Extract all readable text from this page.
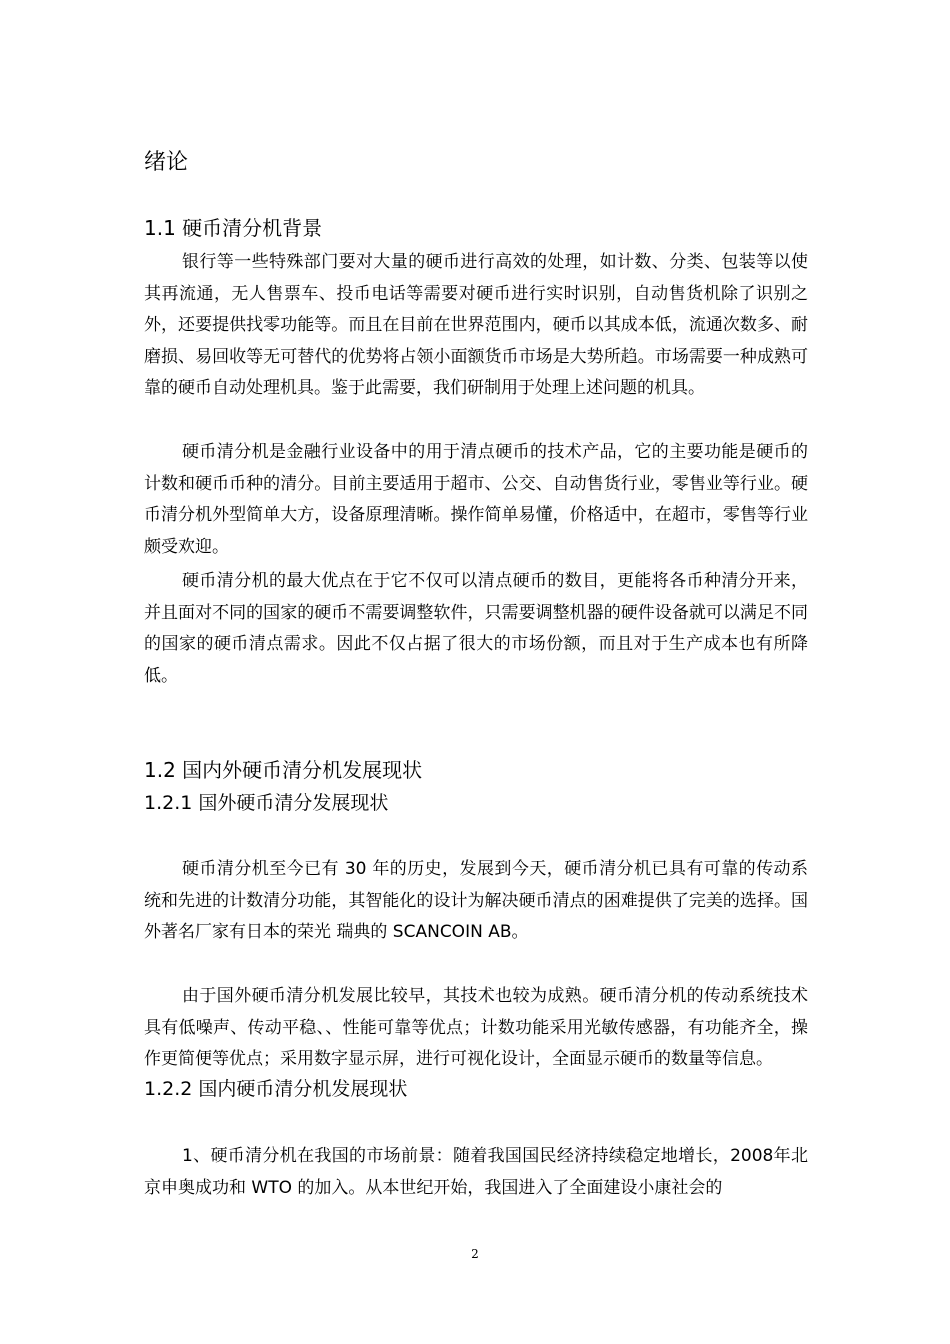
绪论
1.1 硬币清分机背景

银行等一些特殊部门要对大量的硬币进行高效的处理，如计数、分类、包装等以使其再流通，无人售票车、投币电话等需要对硬币进行实时识别，自动售货机除了识别之外，还要提供找零功能等。而且在目前在世界范围内，硬币以其成本低，流通次数多、耐磨损、易回收等无可替代的优势将占领小面额货币市场是大势所趋。市场需要一种成熟可靠的硬币自动处理机具。鉴于此需要，我们研制用于处理上述问题的机具。

硬币清分机是金融行业设备中的用于清点硬币的技术产品，它的主要功能是硬币的计数和硬币币种的清分。目前主要适用于超市、公交、自动售货行业，零售业等行业。硬币清分机外型简单大方，设备原理清晰。操作简单易懂，价格适中，在超市，零售等行业颇受欢迎。

硬币清分机的最大优点在于它不仅可以清点硬币的数目，更能将各币种清分开来，并且面对不同的国家的硬币不需要调整软件，只需要调整机器的硬件设备就可以满足不同的国家的硬币清点需求。因此不仅占据了很大的市场份额，而且对于生产成本也有所降低。

1.2 国内外硬币清分机发展现状
1.2.1 国外硬币清分发展现状

硬币清分机至今已有 30 年的历史，发展到今天，硬币清分机已具有可靠的传动系统和先进的计数清分功能，其智能化的设计为解决硬币清点的困难提供了完美的选择。国外著名厂家有日本的荣光 瑞典的 SCANCOIN AB。

由于国外硬币清分机发展比较早，其技术也较为成熟。硬币清分机的传动系统技术具有低噪声、传动平稳、、性能可靠等优点；计数功能采用光敏传感器，有功能齐全，操作更简便等优点；采用数字显示屏，进行可视化设计，全面显示硬币的数量等信息。

1.2.2 国内硬币清分机发展现状

1、硬币清分机在我国的市场前景：随着我国国民经济持续稳定地增长，2008年北京申奥成功和 WTO 的加入。从本世纪开始，我国进入了全面建设小康社会的

2
